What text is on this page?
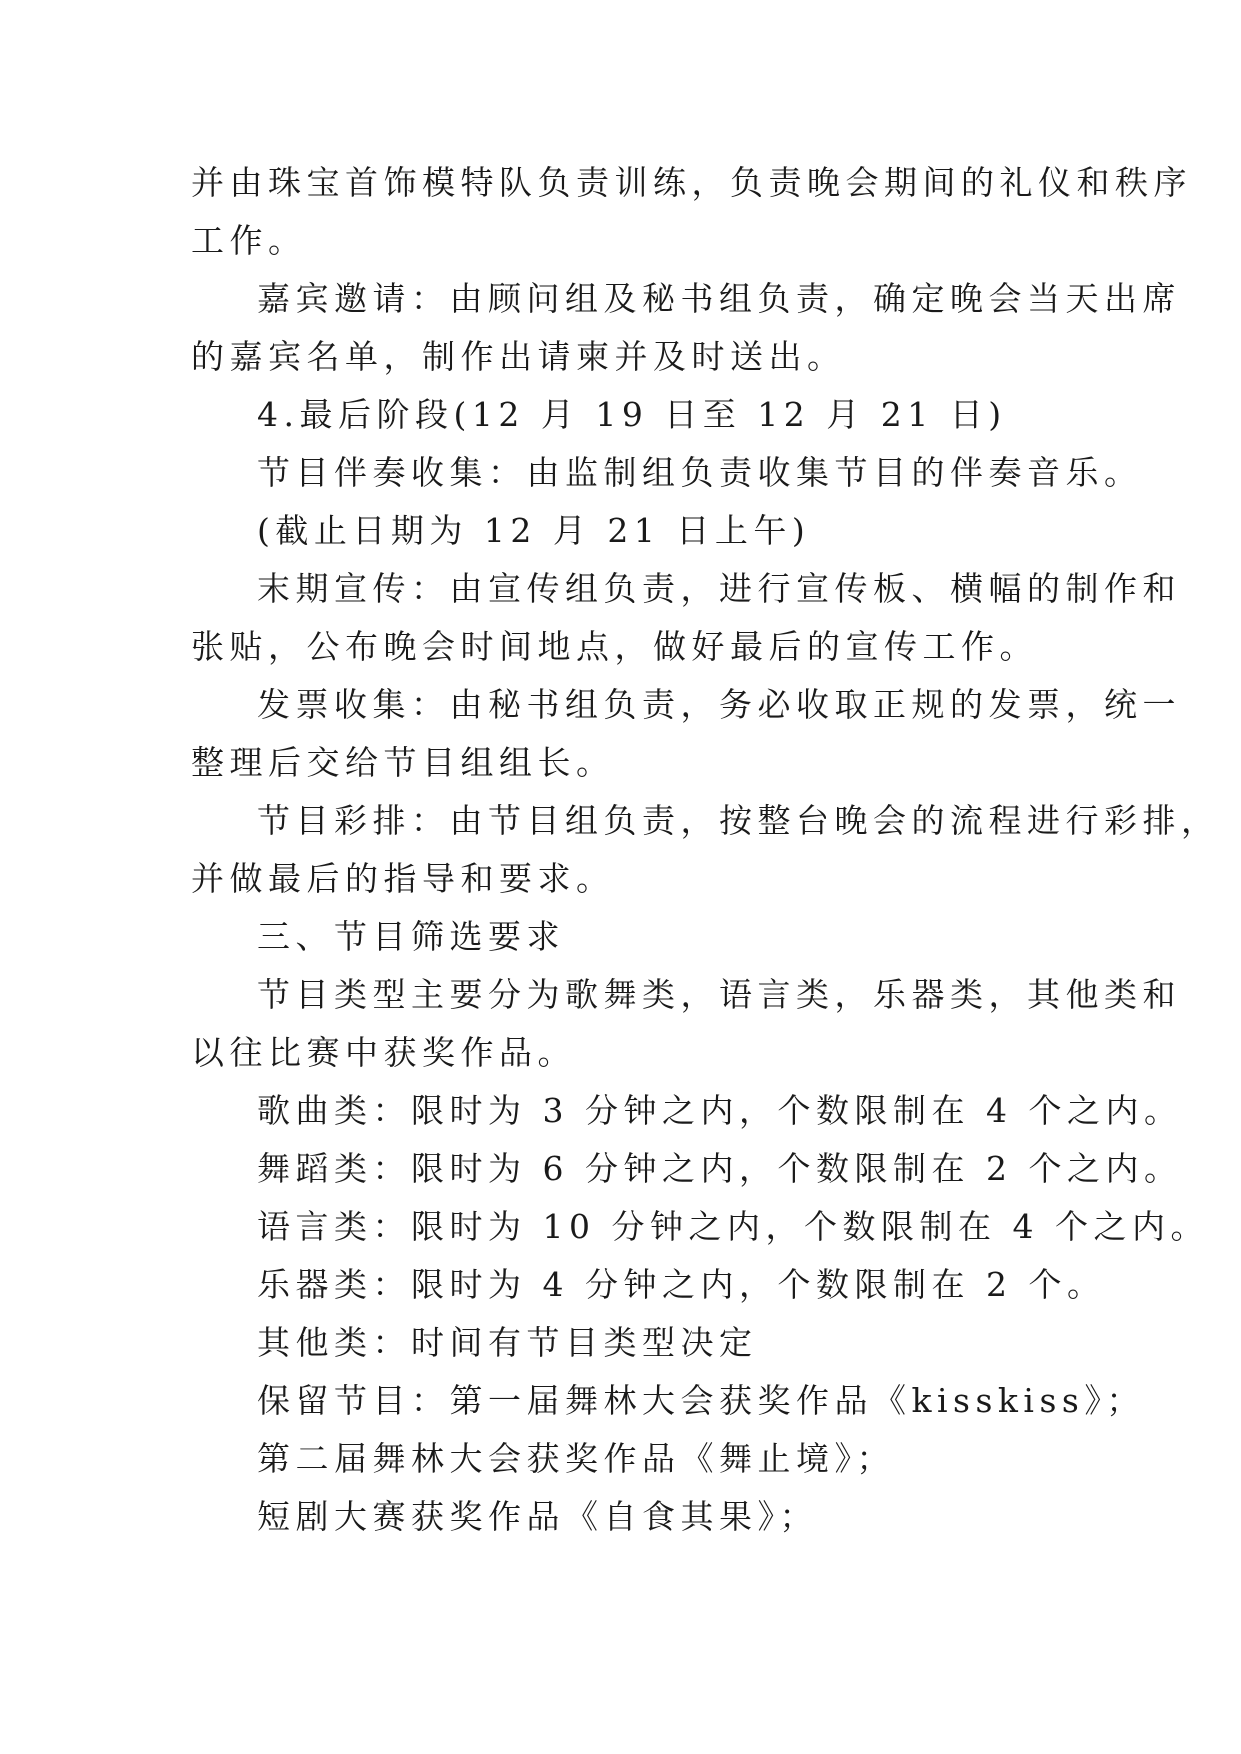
并由珠宝首饰模特队负责训练，负责晚会期间的礼仪和秩序
工作。
嘉宾邀请：由顾问组及秘书组负责，确定晚会当天出席
的嘉宾名单，制作出请柬并及时送出。
4.最后阶段(12 月 19 日至 12 月 21 日)
节目伴奏收集：由监制组负责收集节目的伴奏音乐。
(截止日期为 12 月 21 日上午)
末期宣传：由宣传组负责，进行宣传板、横幅的制作和
张贴，公布晚会时间地点，做好最后的宣传工作。
发票收集：由秘书组负责，务必收取正规的发票，统一
整理后交给节目组组长。
节目彩排：由节目组负责，按整台晚会的流程进行彩排，
并做最后的指导和要求。
三、节目筛选要求
节目类型主要分为歌舞类，语言类，乐器类，其他类和
以往比赛中获奖作品。
歌曲类：限时为 3 分钟之内，个数限制在 4 个之内。
舞蹈类：限时为 6 分钟之内，个数限制在 2 个之内。
语言类：限时为 10 分钟之内，个数限制在 4 个之内。
乐器类：限时为 4 分钟之内，个数限制在 2 个。
其他类：时间有节目类型决定
保留节目：第一届舞林大会获奖作品《kisskiss》；
第二届舞林大会获奖作品《舞止境》；
短剧大赛获奖作品《自食其果》；
